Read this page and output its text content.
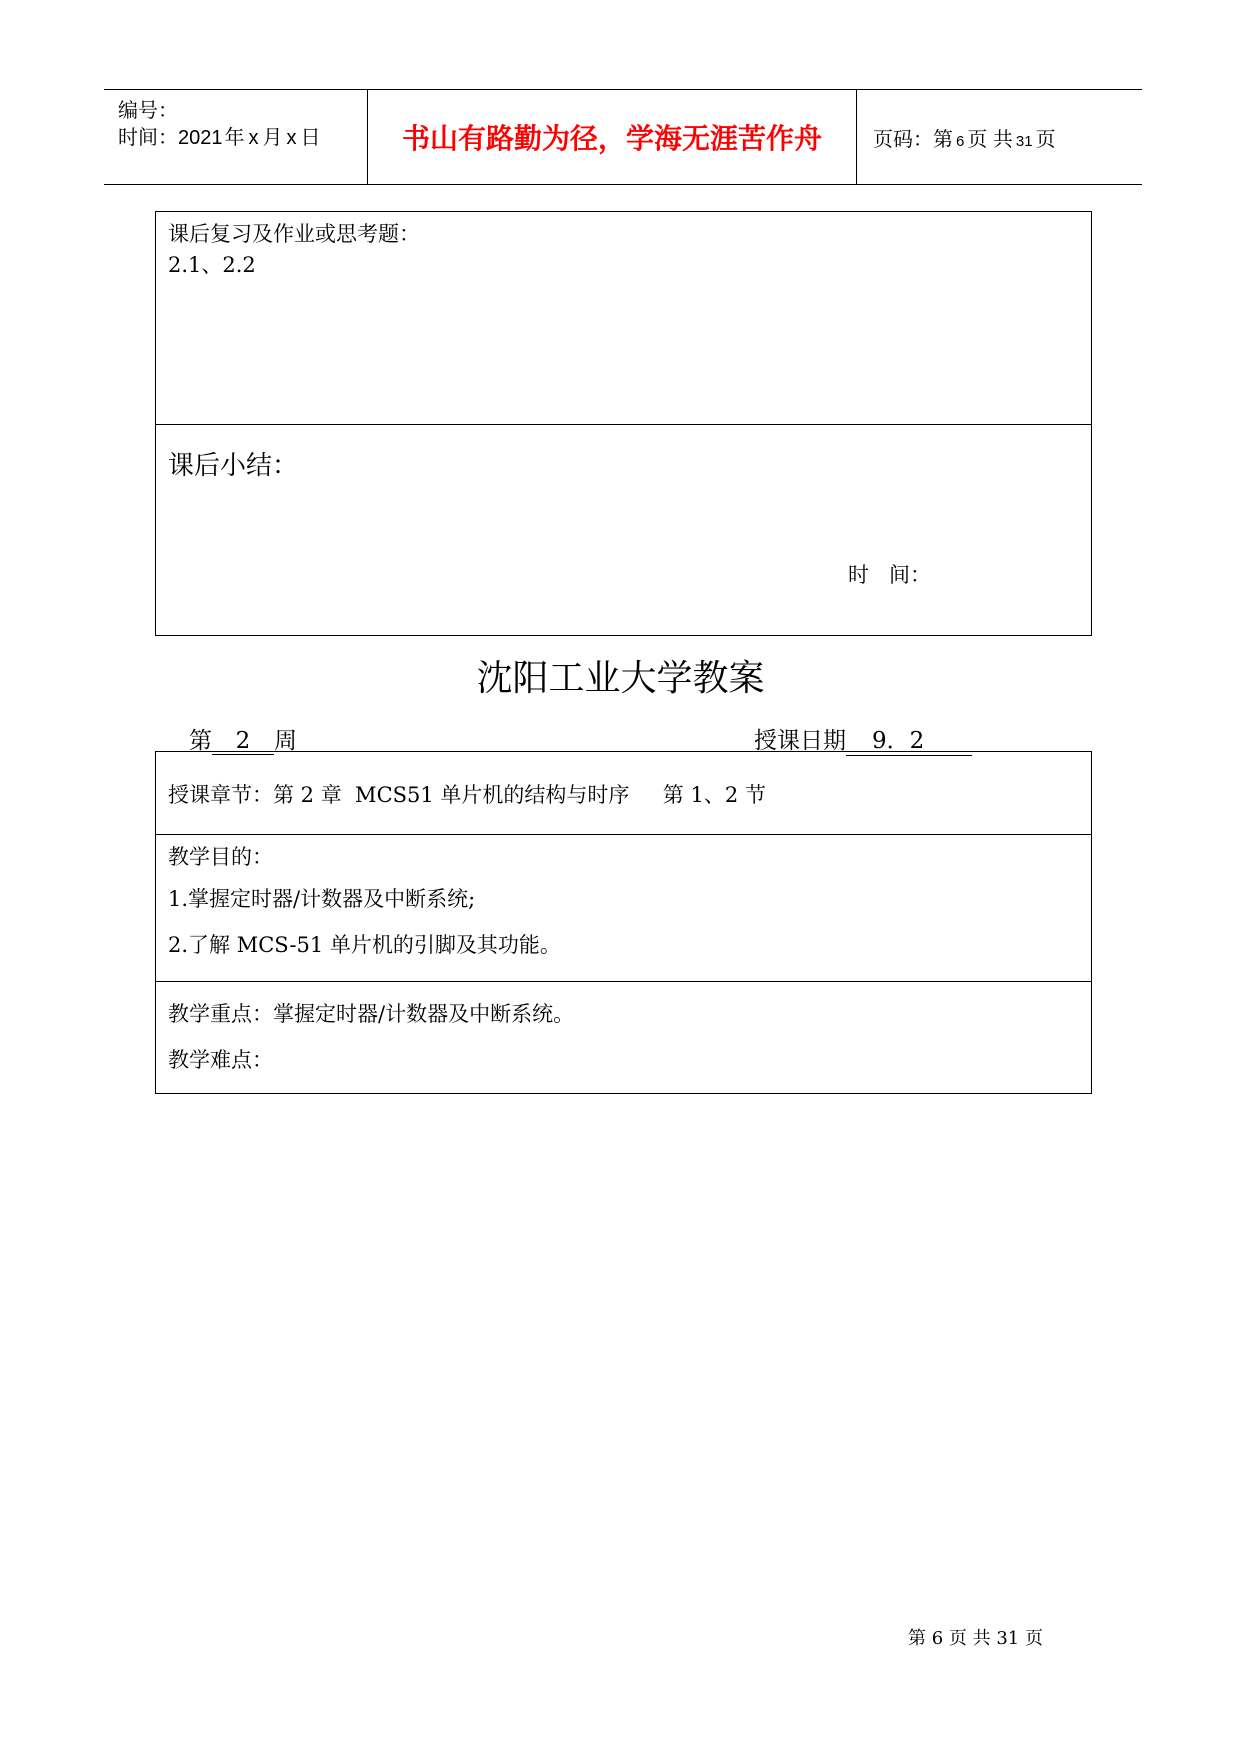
编号：
时间：2021 年 x 月 x 日	书山有路勤为径，学海无涯苦作舟	页码：第 6 页 共 31 页
课后复习及作业或思考题：
2.1、2.2
课后小结：
时   间：
沈阳工业大学教案
第 2 周	授课日期 9．2
授课章节：第 2 章  MCS51 单片机的结构与时序     第 1、2 节
教学目的：
1.掌握定时器/计数器及中断系统;
2.了解 MCS-51 单片机的引脚及其功能。
教学重点：掌握定时器/计数器及中断系统。
教学难点：
第 6 页 共 31 页
